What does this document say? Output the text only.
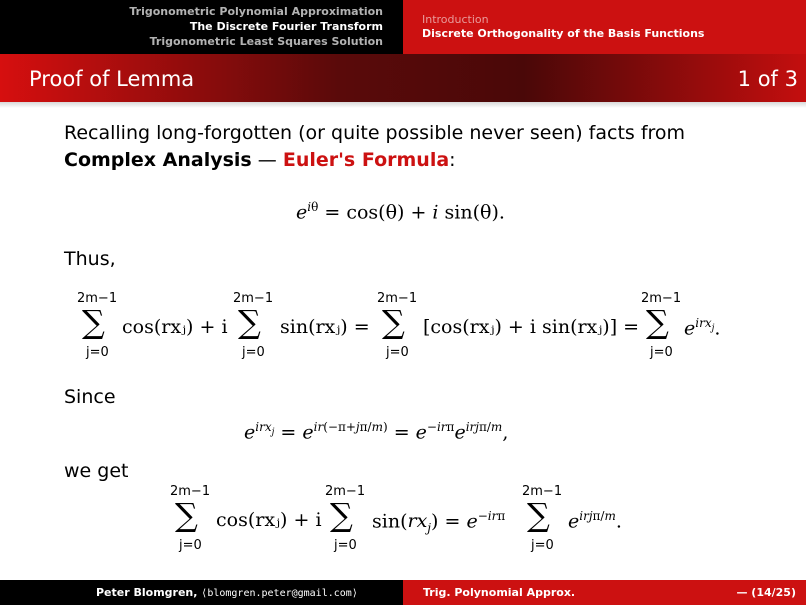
Trigonometric Polynomial Approximation
The Discrete Fourier Transform
Trigonometric Least Squares Solution
Introduction
Discrete Orthogonality of the Basis Functions
Proof of Lemma	1 of 3
Recalling long-forgotten (or quite possible never seen) facts from
Complex Analysis — Euler's Formula:
$e^{i\theta} = \cos(\theta) + i$ sin(θ).
Thus,
2m−1
∑
j=0
cos(rxⱼ) + i
2m−1
∑
j=0
sin(rxⱼ) =
2m−1
∑
j=0
[cos(rxⱼ) + i sin(rxⱼ)] =
2m−1
∑
j=0
$e^{irx_j}$.
Since
$e^{irx_j} = e^{ir(-\pi+j\pi/m)} = e^{-ir\pi}e^{irj\pi/m}$,
we get
2m−1
∑
j=0
cos(rxⱼ) + i
2m−1
∑
j=0
$\sin(rx_j) = e^{-ir\pi}$
2m−1
∑
j=0
$e^{irj\pi/m}$.
Peter Blomgren, ⟨blomgren.peter@gmail.com⟩	Trig. Polynomial Approx.	— (14/25)
